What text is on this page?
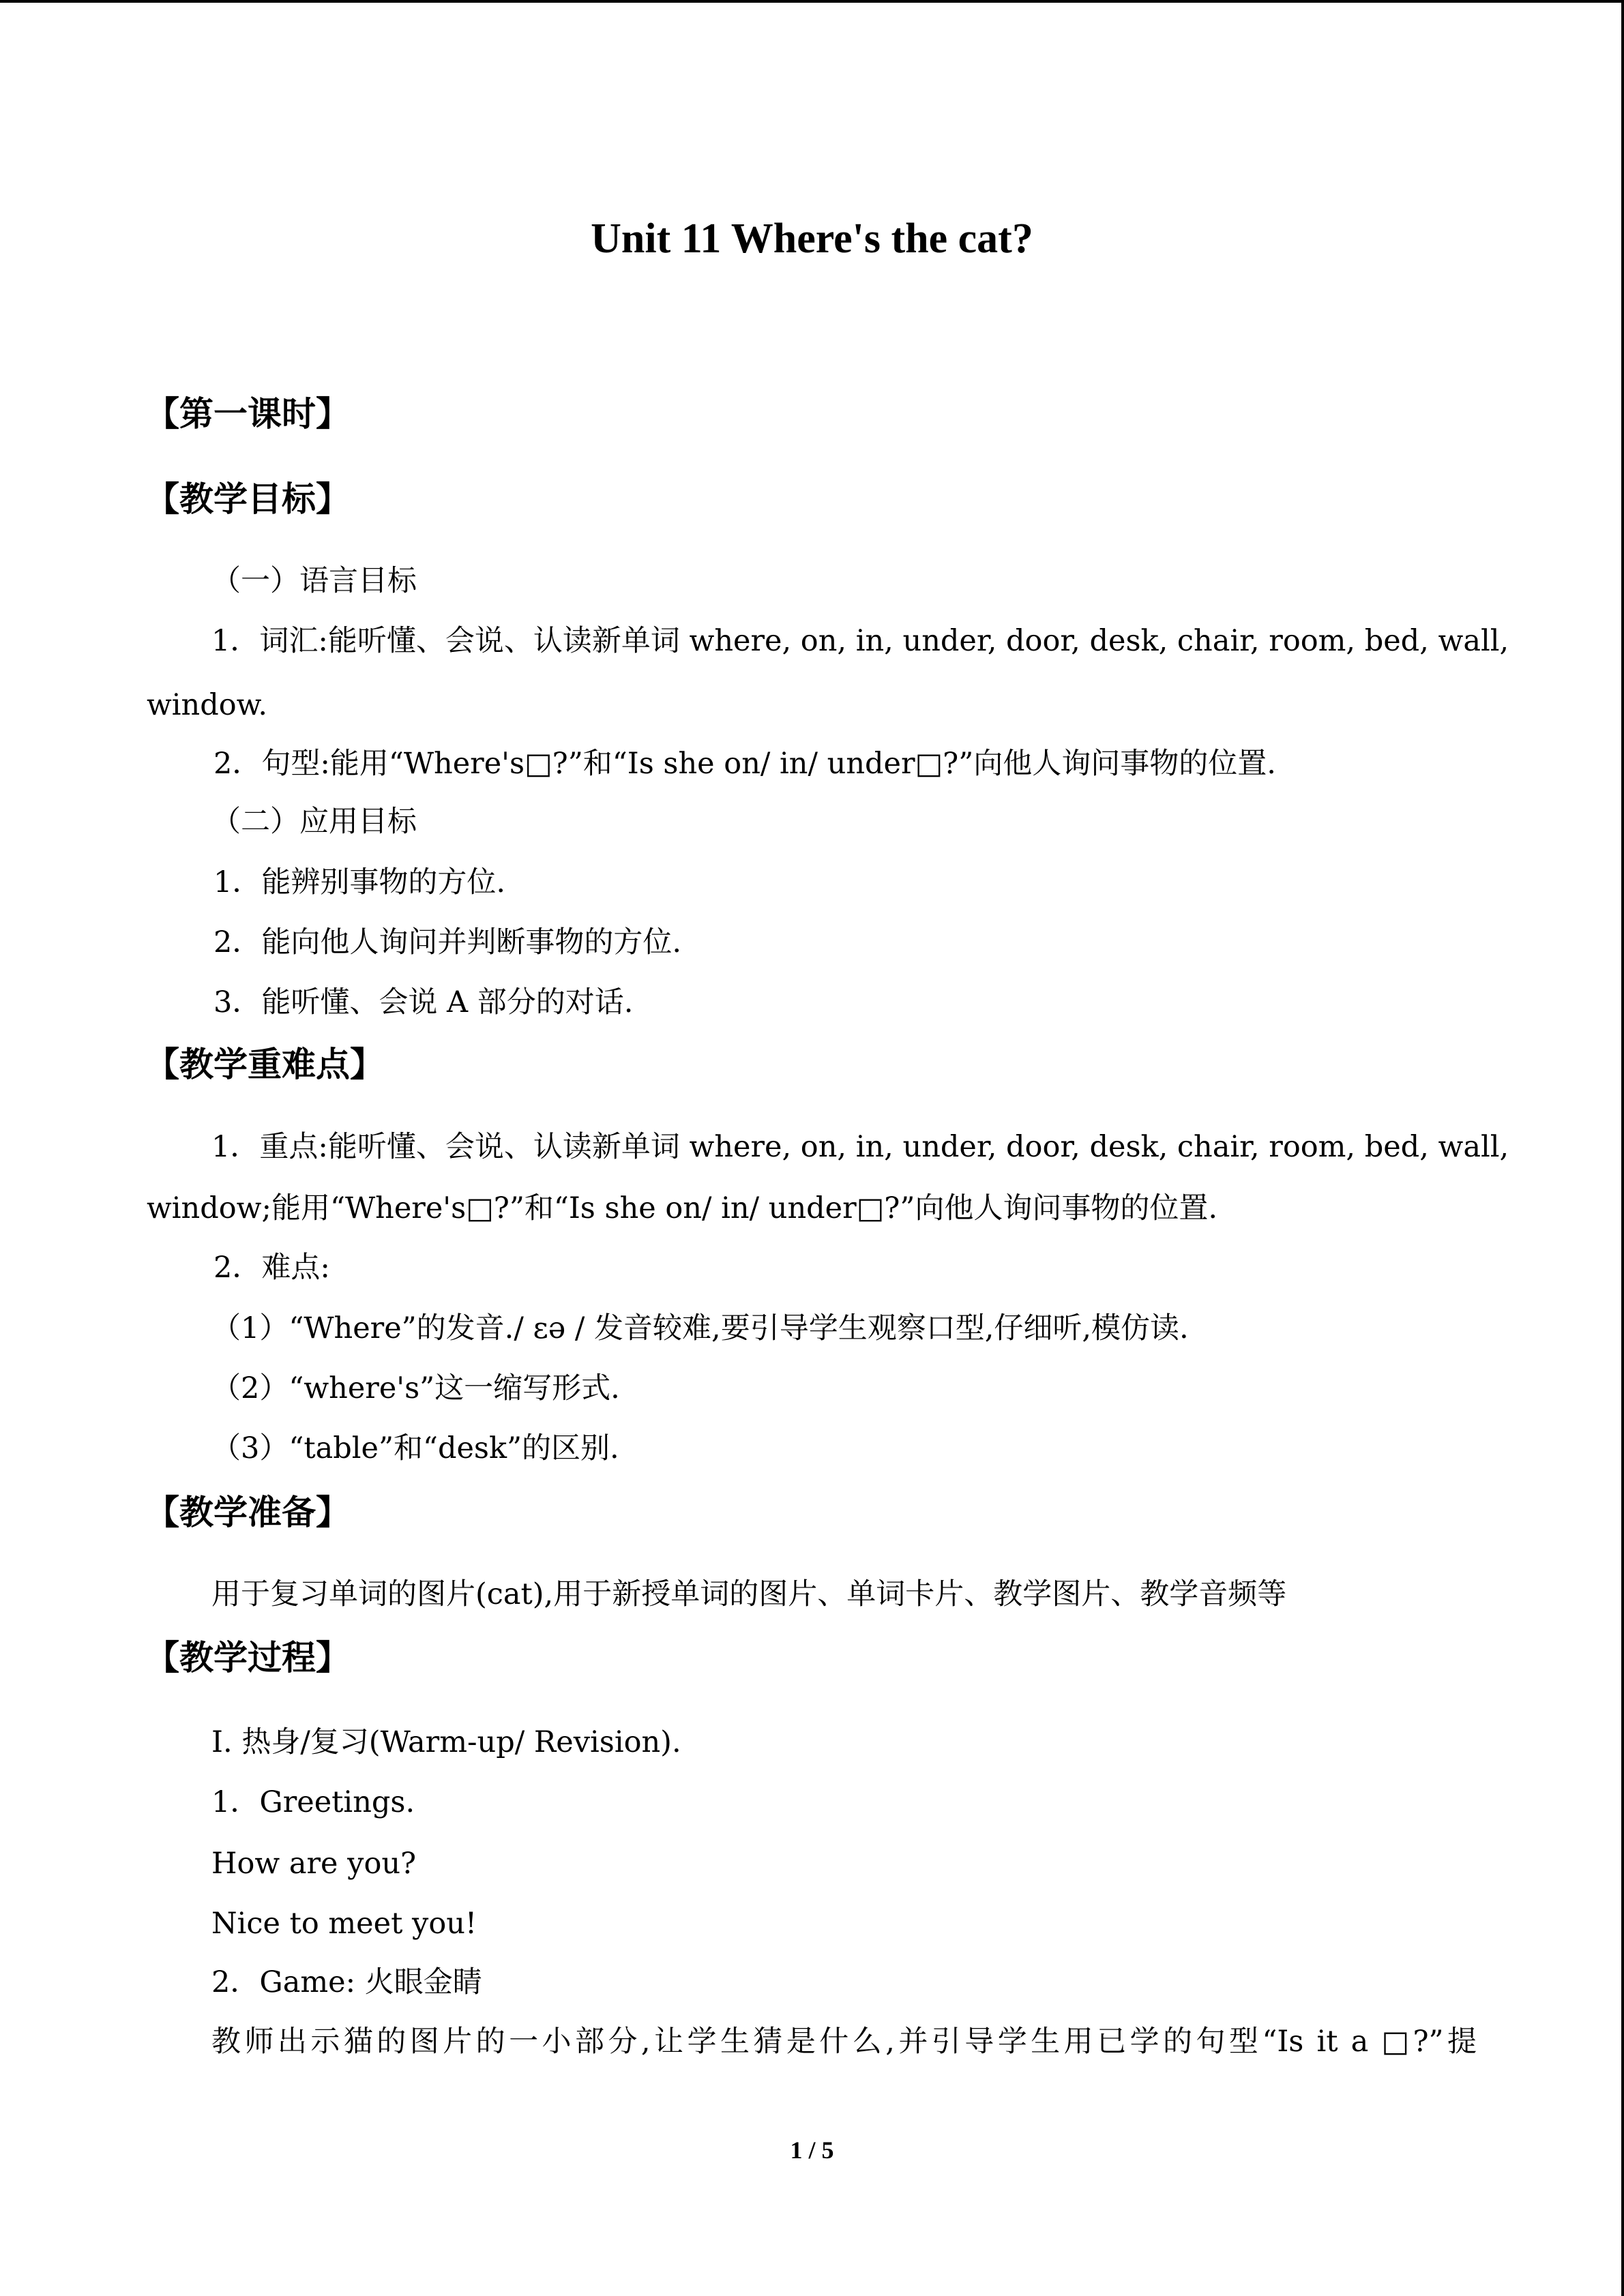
Unit 11 Where's the cat?
【第一课时】
【教学目标】
（一）语言目标
1．词汇:能听懂、会说、认读新单词 where, on, in, under, door, desk, chair, room, bed, wall,
window.
2．句型:能用“Where's□?”和“Is she on/ in/ under□?”向他人询问事物的位置.
（二）应用目标
1．能辨别事物的方位.
2．能向他人询问并判断事物的方位.
3．能听懂、会说 A 部分的对话.
【教学重难点】
1．重点:能听懂、会说、认读新单词 where, on, in, under, door, desk, chair, room, bed, wall,
window;能用“Where's□?”和“Is she on/ in/ under□?”向他人询问事物的位置.
2．难点:
（1）“Where”的发音./ ɛə / 发音较难,要引导学生观察口型,仔细听,模仿读.
（2）“where's”这一缩写形式.
（3）“table”和“desk”的区别.
【教学准备】
用于复习单词的图片(cat),用于新授单词的图片、单词卡片、教学图片、教学音频等
【教学过程】
I. 热身/复习(Warm-up/ Revision).
1．Greetings.
How are you?
Nice to meet you!
2．Game: 火眼金睛
教师出示猫的图片的一小部分,让学生猜是什么,并引导学生用已学的句型“Is it a □?”提
1 / 5
